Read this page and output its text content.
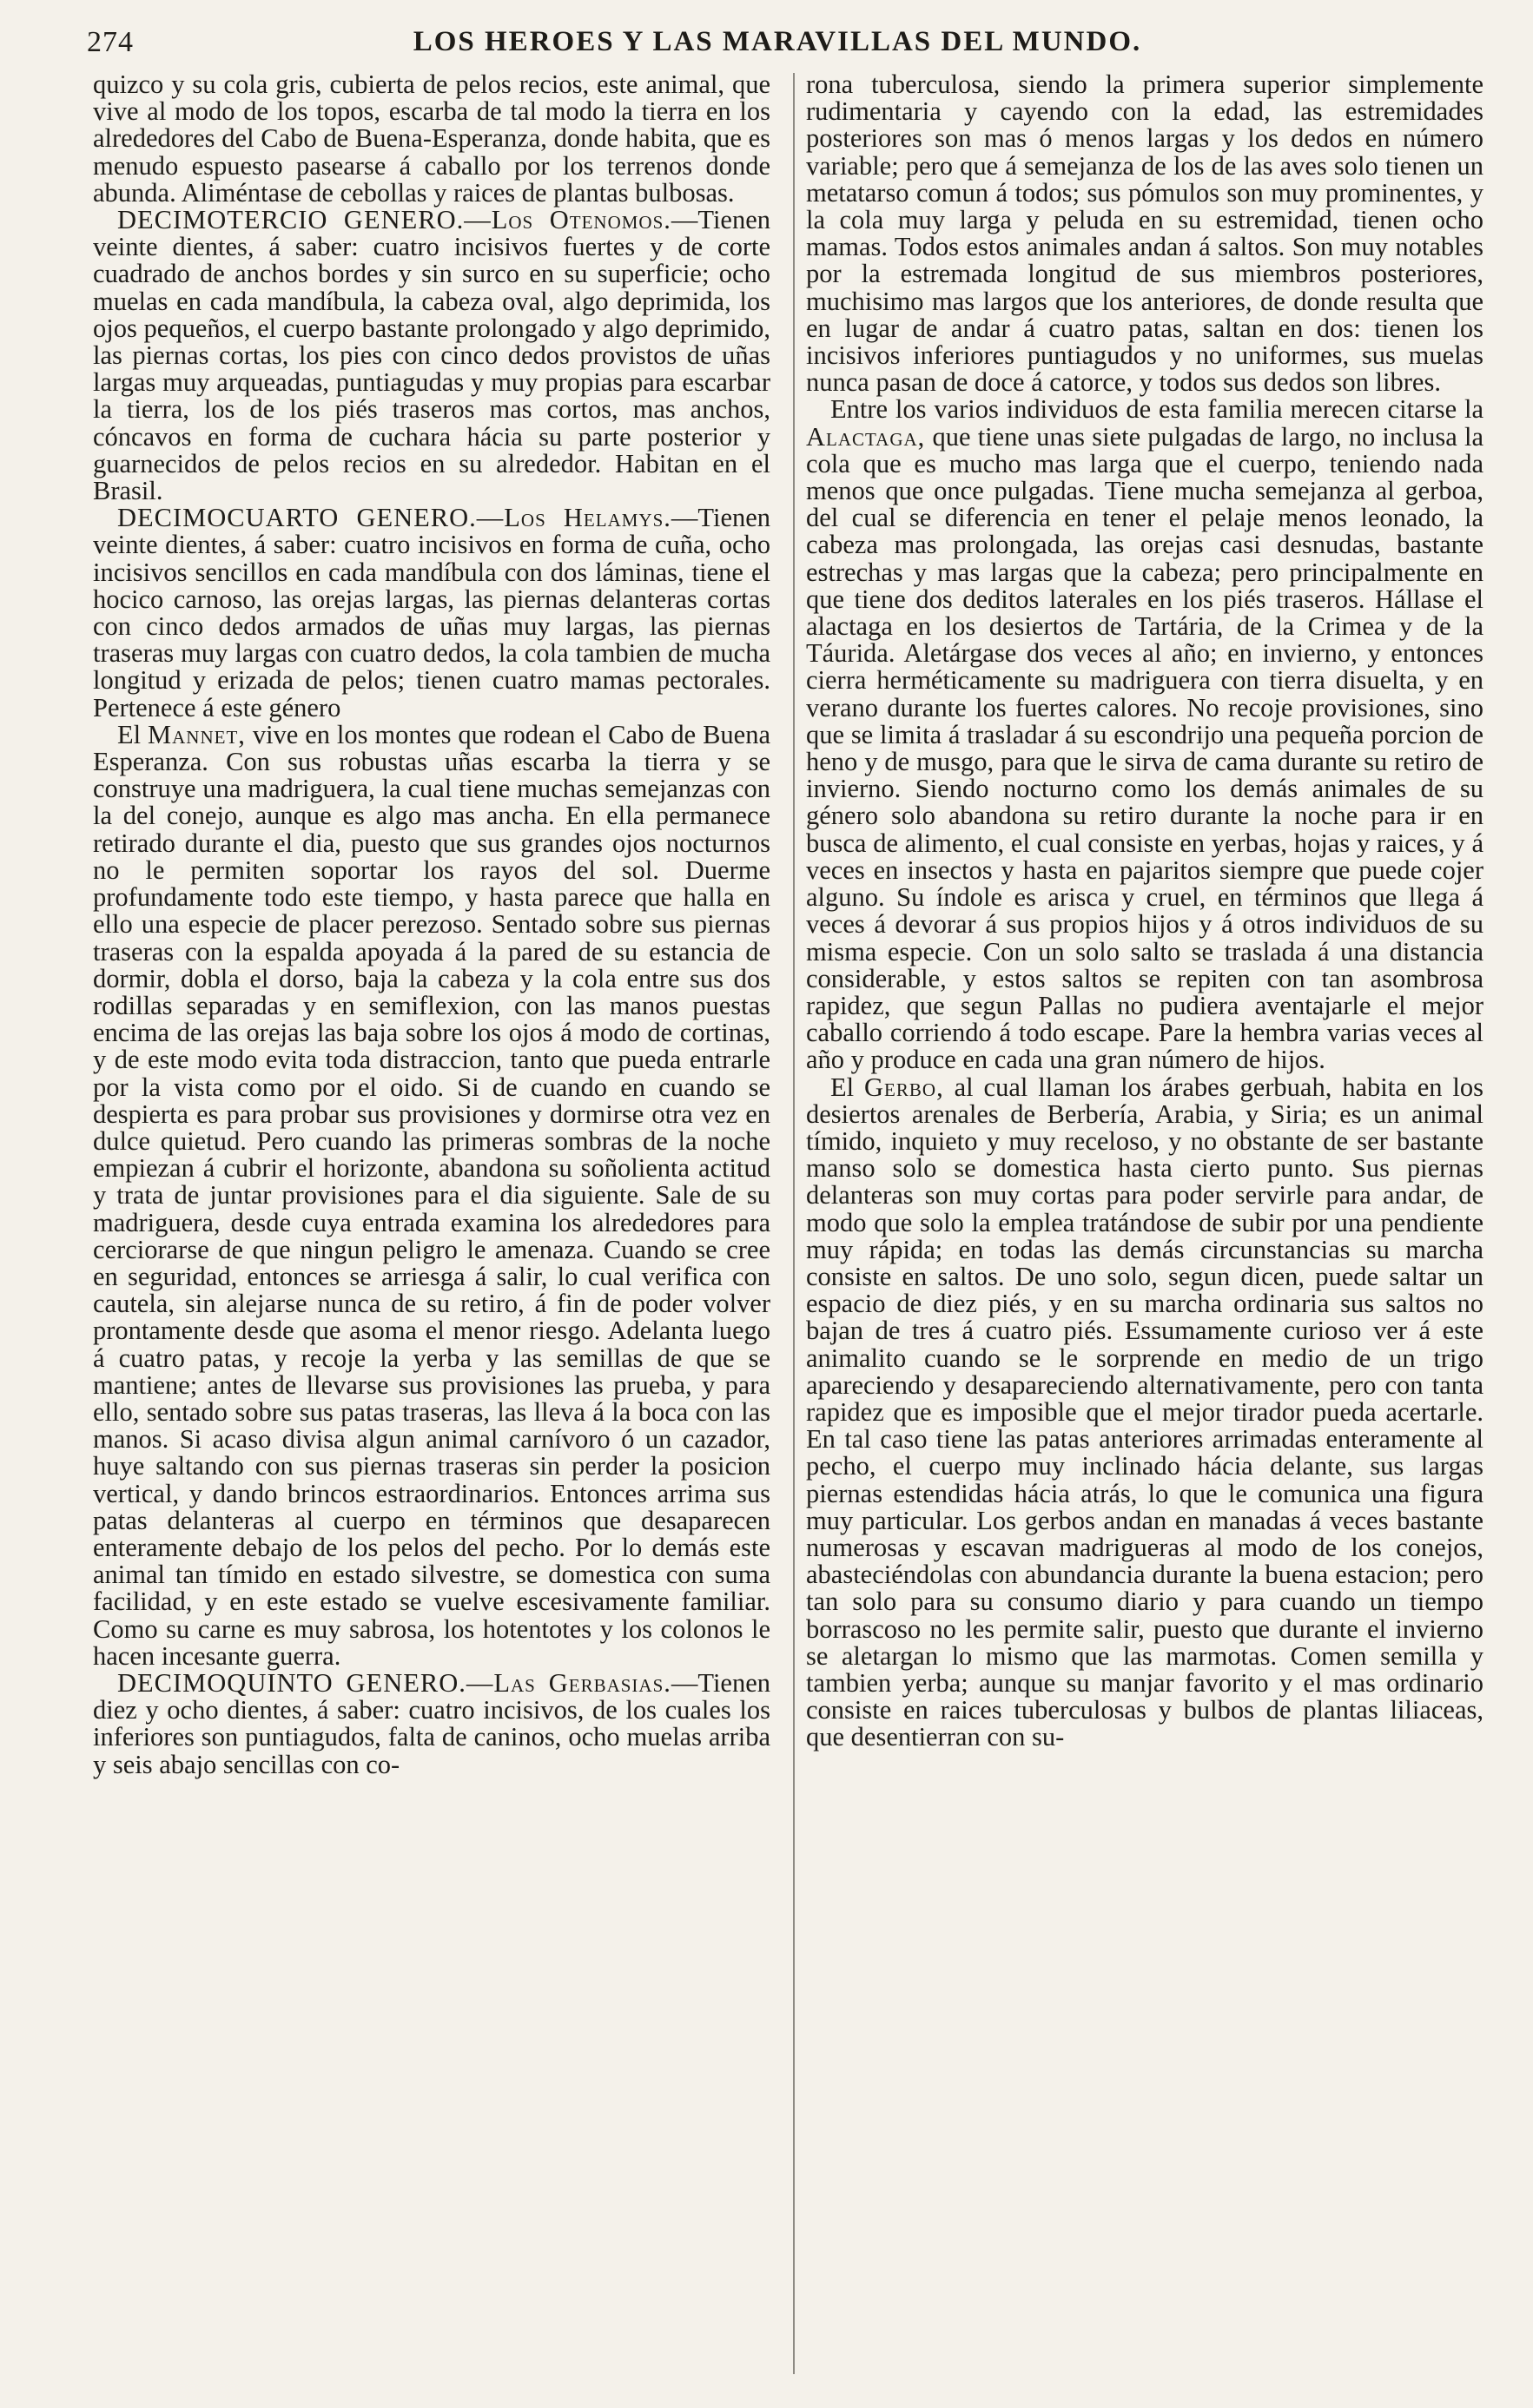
274	LOS HEROES Y LAS MARAVILLAS DEL MUNDO.

quizco y su cola gris, cubierta de pelos recios, este animal, que vive al modo de los topos, escarba de tal modo la tierra en los alrededores del Cabo de Buena-Esperanza, donde habita, que es menudo espuesto pasearse á caballo por los terrenos donde abunda. Aliméntase de cebollas y raices de plantas bulbosas.

DECIMOTERCIO GENERO.—Los Otenomos.—Tienen veinte dientes, á saber: cuatro incisivos fuertes y de corte cuadrado de anchos bordes y sin surco en su superficie; ocho muelas en cada mandíbula, la cabeza oval, algo deprimida, los ojos pequeños, el cuerpo bastante prolongado y algo deprimido, las piernas cortas, los pies con cinco dedos provistos de uñas largas muy arqueadas, puntiagudas y muy propias para escarbar la tierra, los de los piés traseros mas cortos, mas anchos, cóncavos en forma de cuchara hácia su parte posterior y guarnecidos de pelos recios en su alrededor. Habitan en el Brasil.

DECIMOCUARTO GENERO.—Los Helamys.—Tienen veinte dientes, á saber: cuatro incisivos en forma de cuña, ocho incisivos sencillos en cada mandíbula con dos láminas, tiene el hocico carnoso, las orejas largas, las piernas delanteras cortas con cinco dedos armados de uñas muy largas, las piernas traseras muy largas con cuatro dedos, la cola tambien de mucha longitud y erizada de pelos; tienen cuatro mamas pectorales. Pertenece á este género

El Mannet, vive en los montes que rodean el Cabo de Buena Esperanza. Con sus robustas uñas escarba la tierra y se construye una madriguera, la cual tiene muchas semejanzas con la del conejo, aunque es algo mas ancha. En ella permanece retirado durante el dia, puesto que sus grandes ojos nocturnos no le permiten soportar los rayos del sol. Duerme profundamente todo este tiempo, y hasta parece que halla en ello una especie de placer perezoso. Sentado sobre sus piernas traseras con la espalda apoyada á la pared de su estancia de dormir, dobla el dorso, baja la cabeza y la cola entre sus dos rodillas separadas y en semiflexion, con las manos puestas encima de las orejas las baja sobre los ojos á modo de cortinas, y de este modo evita toda distraccion, tanto que pueda entrarle por la vista como por el oido. Si de cuando en cuando se despierta es para probar sus provisiones y dormirse otra vez en dulce quietud. Pero cuando las primeras sombras de la noche empiezan á cubrir el horizonte, abandona su soñolienta actitud y trata de juntar provisiones para el dia siguiente. Sale de su madriguera, desde cuya entrada examina los alrededores para cerciorarse de que ningun peligro le amenaza. Cuando se cree en seguridad, entonces se arriesga á salir, lo cual verifica con cautela, sin alejarse nunca de su retiro, á fin de poder volver prontamente desde que asoma el menor riesgo. Adelanta luego á cuatro patas, y recoje la yerba y las semillas de que se mantiene; antes de llevarse sus provisiones las prueba, y para ello, sentado sobre sus patas traseras, las lleva á la boca con las manos. Si acaso divisa algun animal carnívoro ó un cazador, huye saltando con sus piernas traseras sin perder la posicion vertical, y dando brincos estraordinarios. Entonces arrima sus patas delanteras al cuerpo en términos que desaparecen enteramente debajo de los pelos del pecho. Por lo demás este animal tan tímido en estado silvestre, se domestica con suma facilidad, y en este estado se vuelve escesivamente familiar. Como su carne es muy sabrosa, los hotentotes y los colonos le hacen incesante guerra.

DECIMOQUINTO GENERO.—Las Gerbasias.—Tienen diez y ocho dientes, á saber: cuatro incisivos, de los cuales los inferiores son puntiagudos, falta de caninos, ocho muelas arriba y seis abajo sencillas con co-

rona tuberculosa, siendo la primera superior simplemente rudimentaria y cayendo con la edad, las estremidades posteriores son mas ó menos largas y los dedos en número variable; pero que á semejanza de los de las aves solo tienen un metatarso comun á todos; sus pómulos son muy prominentes, y la cola muy larga y peluda en su estremidad, tienen ocho mamas. Todos estos animales andan á saltos. Son muy notables por la estremada longitud de sus miembros posteriores, muchisimo mas largos que los anteriores, de donde resulta que en lugar de andar á cuatro patas, saltan en dos: tienen los incisivos inferiores puntiagudos y no uniformes, sus muelas nunca pasan de doce á catorce, y todos sus dedos son libres.

Entre los varios individuos de esta familia merecen citarse la Alactaga, que tiene unas siete pulgadas de largo, no inclusa la cola que es mucho mas larga que el cuerpo, teniendo nada menos que once pulgadas. Tiene mucha semejanza al gerboa, del cual se diferencia en tener el pelaje menos leonado, la cabeza mas prolongada, las orejas casi desnudas, bastante estrechas y mas largas que la cabeza; pero principalmente en que tiene dos deditos laterales en los piés traseros. Hállase el alactaga en los desiertos de Tartária, de la Crimea y de la Táurida. Aletárgase dos veces al año; en invierno, y entonces cierra herméticamente su madriguera con tierra disuelta, y en verano durante los fuertes calores. No recoje provisiones, sino que se limita á trasladar á su escondrijo una pequeña porcion de heno y de musgo, para que le sirva de cama durante su retiro de invierno. Siendo nocturno como los demás animales de su género solo abandona su retiro durante la noche para ir en busca de alimento, el cual consiste en yerbas, hojas y raices, y á veces en insectos y hasta en pajaritos siempre que puede cojer alguno. Su índole es arisca y cruel, en términos que llega á veces á devorar á sus propios hijos y á otros individuos de su misma especie. Con un solo salto se traslada á una distancia considerable, y estos saltos se repiten con tan asombrosa rapidez, que segun Pallas no pudiera aventajarle el mejor caballo corriendo á todo escape. Pare la hembra varias veces al año y produce en cada una gran número de hijos.

El Gerbo, al cual llaman los árabes gerbuah, habita en los desiertos arenales de Berbería, Arabia, y Siria; es un animal tímido, inquieto y muy receloso, y no obstante de ser bastante manso solo se domestica hasta cierto punto. Sus piernas delanteras son muy cortas para poder servirle para andar, de modo que solo la emplea tratándose de subir por una pendiente muy rápida; en todas las demás circunstancias su marcha consiste en saltos. De uno solo, segun dicen, puede saltar un espacio de diez piés, y en su marcha ordinaria sus saltos no bajan de tres á cuatro piés. Essumamente curioso ver á este animalito cuando se le sorprende en medio de un trigo apareciendo y desapareciendo alternativamente, pero con tanta rapidez que es imposible que el mejor tirador pueda acertarle. En tal caso tiene las patas anteriores arrimadas enteramente al pecho, el cuerpo muy inclinado hácia delante, sus largas piernas estendidas hácia atrás, lo que le comunica una figura muy particular. Los gerbos andan en manadas á veces bastante numerosas y escavan madrigueras al modo de los conejos, abasteciéndolas con abundancia durante la buena estacion; pero tan solo para su consumo diario y para cuando un tiempo borrascoso no les permite salir, puesto que durante el invierno se aletargan lo mismo que las marmotas. Comen semilla y tambien yerba; aunque su manjar favorito y el mas ordinario consiste en raices tuberculosas y bulbos de plantas liliaceas, que desentierran con su-
